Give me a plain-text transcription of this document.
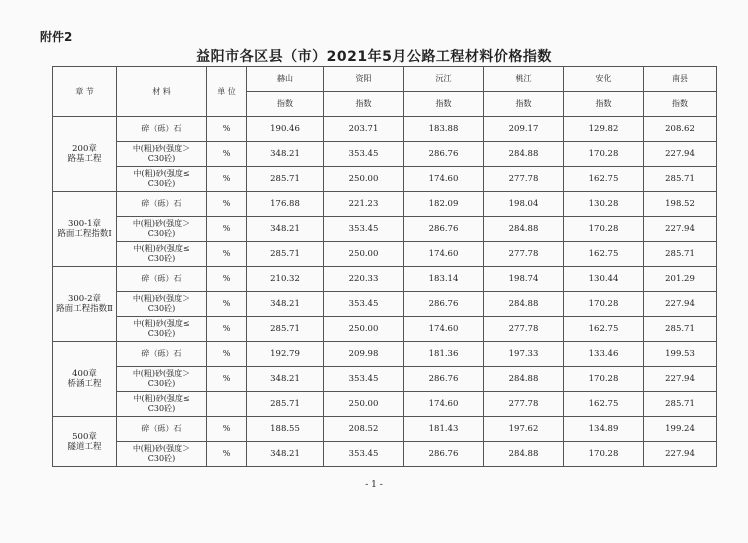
附件2
益阳市各区县（市）2021年5月公路工程材料价格指数
章 节	材 料	单 位	赫山	资阳	沅江	桃江	安化	南县
			指数	指数	指数	指数	指数	指数

200章
路基工程	碎（砾）石	%	190.46	203.71	183.88	209.17	129.82	208.62

	中(粗)砂(强度＞
C30砼)	%	348.21	353.45	286.76	284.88	170.28	227.94

	中(粗)砂(强度≤
C30砼)	%	285.71	250.00	174.60	277.78	162.75	285.71

300-1章
路面工程指数Ⅰ	碎（砾）石	%	176.88	221.23	182.09	198.04	130.28	198.52

	中(粗)砂(强度＞
C30砼)	%	348.21	353.45	286.76	284.88	170.28	227.94

	中(粗)砂(强度≤
C30砼)	%	285.71	250.00	174.60	277.78	162.75	285.71

300-2章
路面工程指数Ⅱ	碎（砾）石	%	210.32	220.33	183.14	198.74	130.44	201.29

	中(粗)砂(强度＞
C30砼)	%	348.21	353.45	286.76	284.88	170.28	227.94

	中(粗)砂(强度≤
C30砼)	%	285.71	250.00	174.60	277.78	162.75	285.71

400章
桥涵工程	碎（砾）石	%	192.79	209.98	181.36	197.33	133.46	199.53

	中(粗)砂(强度＞
C30砼)	%	348.21	353.45	286.76	284.88	170.28	227.94

	中(粗)砂(强度≤
C30砼)		285.71	250.00	174.60	277.78	162.75	285.71

500章
隧道工程	碎（砾）石	%	188.55	208.52	181.43	197.62	134.89	199.24

	中(粗)砂(强度＞
C30砼)	%	348.21	353.45	286.76	284.88	170.28	227.94
- 1 -
